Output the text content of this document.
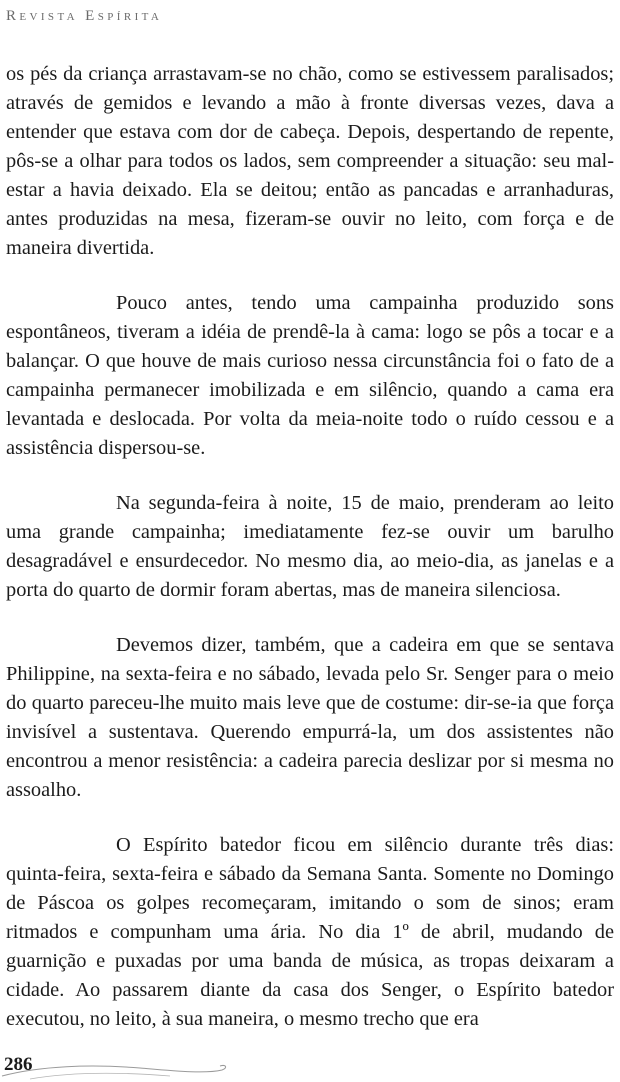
Revista Espírita

os pés da criança arrastavam-se no chão, como se estivessem paralisados; através de gemidos e levando a mão à fronte diversas vezes, dava a entender que estava com dor de cabeça. Depois, despertando de repente, pôs-se a olhar para todos os lados, sem compreender a situação: seu mal-estar a havia deixado. Ela se deitou; então as pancadas e arranhaduras, antes produzidas na mesa, fizeram-se ouvir no leito, com força e de maneira divertida.

Pouco antes, tendo uma campainha produzido sons espontâneos, tiveram a idéia de prendê-la à cama: logo se pôs a tocar e a balançar. O que houve de mais curioso nessa circunstância foi o fato de a campainha permanecer imobilizada e em silêncio, quando a cama era levantada e deslocada. Por volta da meia-noite todo o ruído cessou e a assistência dispersou-se.

Na segunda-feira à noite, 15 de maio, prenderam ao leito uma grande campainha; imediatamente fez-se ouvir um barulho desagradável e ensurdecedor. No mesmo dia, ao meio-dia, as janelas e a porta do quarto de dormir foram abertas, mas de maneira silenciosa.

Devemos dizer, também, que a cadeira em que se sentava Philippine, na sexta-feira e no sábado, levada pelo Sr. Senger para o meio do quarto pareceu-lhe muito mais leve que de costume: dir-se-ia que força invisível a sustentava. Querendo empurrá-la, um dos assistentes não encontrou a menor resistência: a cadeira parecia deslizar por si mesma no assoalho.

O Espírito batedor ficou em silêncio durante três dias: quinta-feira, sexta-feira e sábado da Semana Santa. Somente no Domingo de Páscoa os golpes recomeçaram, imitando o som de sinos; eram ritmados e compunham uma ária. No dia 1º de abril, mudando de guarnição e puxadas por uma banda de música, as tropas deixaram a cidade. Ao passarem diante da casa dos Senger, o Espírito batedor executou, no leito, à sua maneira, o mesmo trecho que era

286
